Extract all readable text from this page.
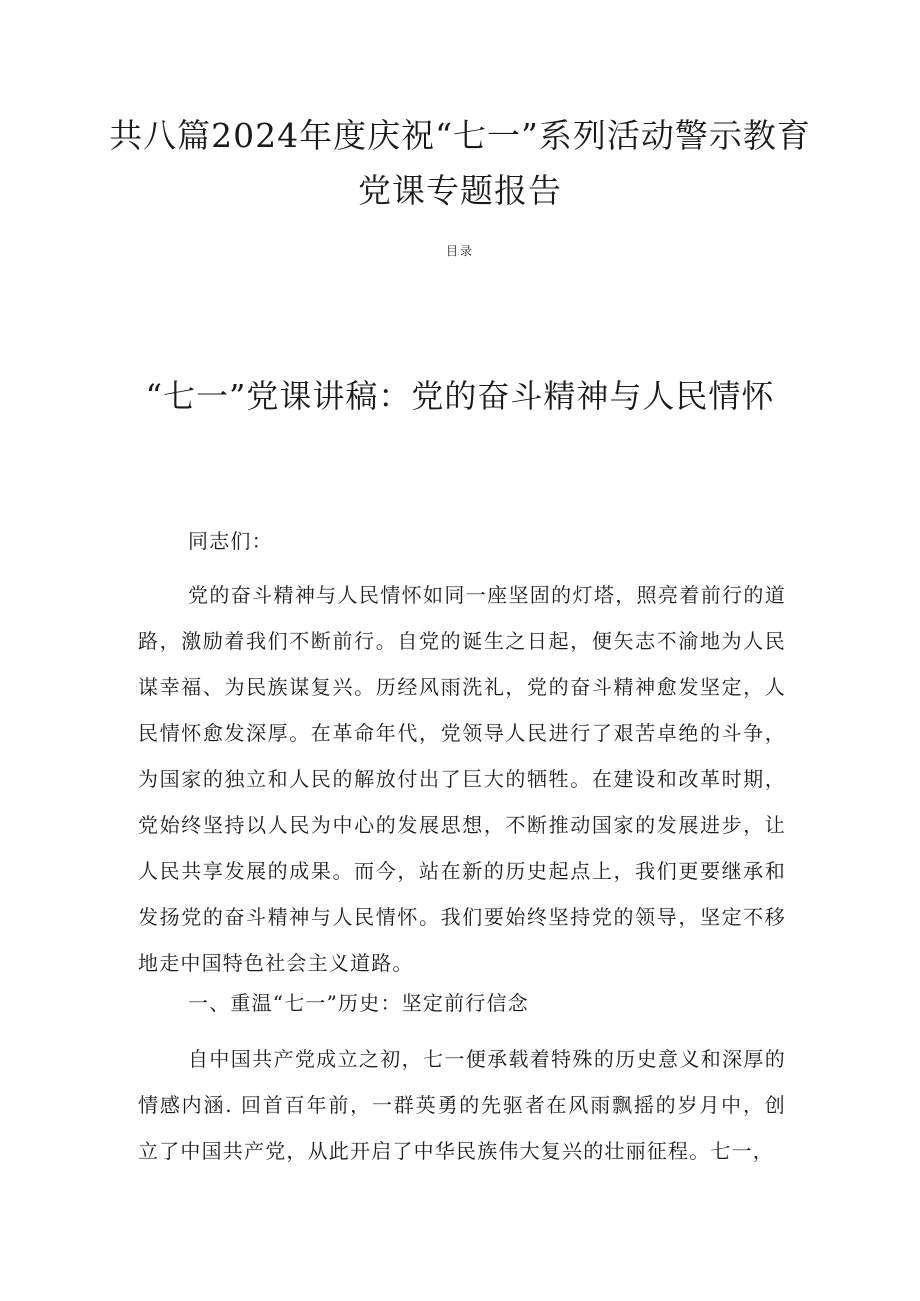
共八篇2024年度庆祝“七一”系列活动警示教育党课专题报告

目录

“七一”党课讲稿：党的奋斗精神与人民情怀

同志们：

党的奋斗精神与人民情怀如同一座坚固的灯塔，照亮着前行的道路，激励着我们不断前行。自党的诞生之日起，便矢志不渝地为人民谋幸福、为民族谋复兴。历经风雨洗礼，党的奋斗精神愈发坚定，人民情怀愈发深厚。在革命年代，党领导人民进行了艰苦卓绝的斗争，为国家的独立和人民的解放付出了巨大的牺牲。在建设和改革时期，党始终坚持以人民为中心的发展思想，不断推动国家的发展进步，让人民共享发展的成果。而今，站在新的历史起点上，我们更要继承和发扬党的奋斗精神与人民情怀。我们要始终坚持党的领导，坚定不移地走中国特色社会主义道路。

一、重温“七一”历史：坚定前行信念

自中国共产党成立之初，七一便承载着特殊的历史意义和深厚的情感内涵. 回首百年前，一群英勇的先驱者在风雨飘摇的岁月中，创立了中国共产党，从此开启了中华民族伟大复兴的壮丽征程。七一，
